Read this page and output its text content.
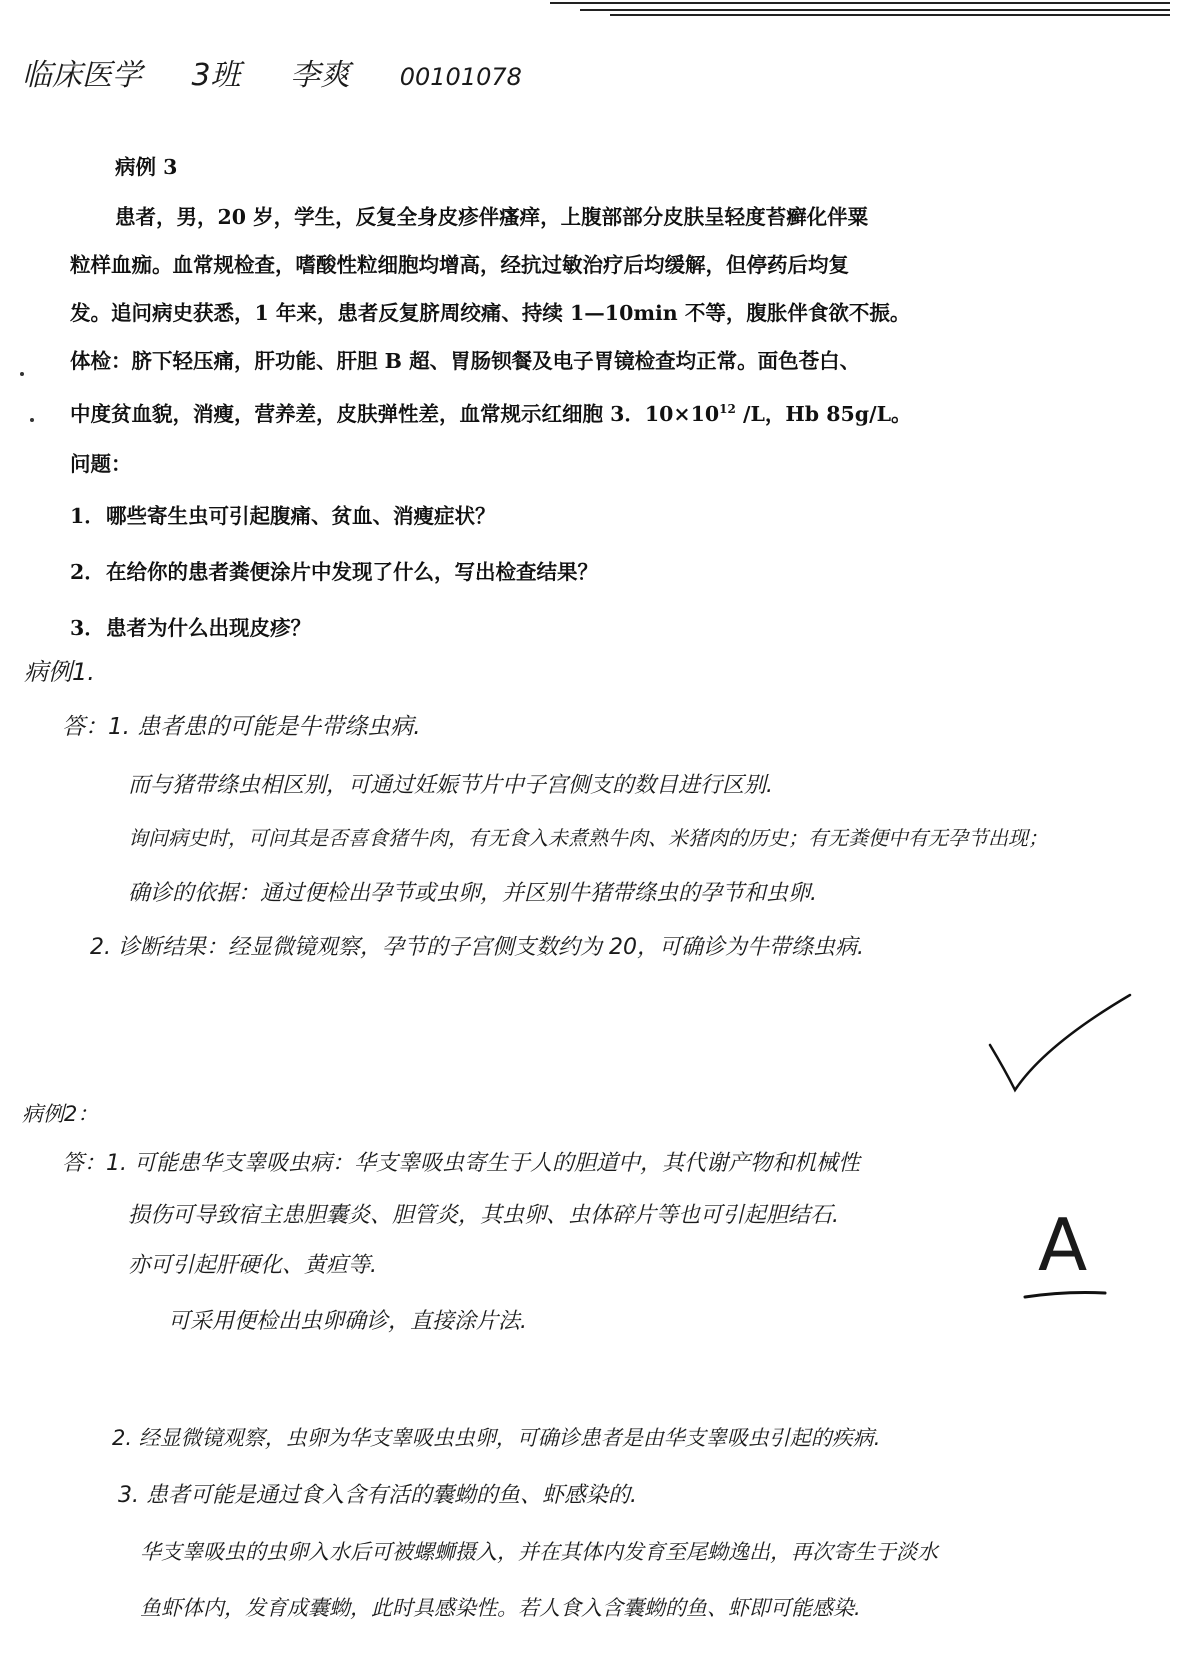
临床医学 3班 李爽 00101078
病例 3

患者，男，20 岁，学生，反复全身皮疹伴瘙痒，上腹部部分皮肤呈轻度苔癣化伴粟

粒样血痂。血常规检查，嗜酸性粒细胞均增高，经抗过敏治疗后均缓解，但停药后均复

发。追问病史获悉，1 年来，患者反复脐周绞痛、持续 1—10min 不等，腹胀伴食欲不振。

体检：脐下轻压痛，肝功能、肝胆 B 超、胃肠钡餐及电子胃镜检查均正常。面色苍白、

中度贫血貌，消瘦，营养差，皮肤弹性差，血常规示红细胞 3．$10\times 10^{12}$ /L，Hb 85g/L。

问题：
1．哪些寄生虫可引起腹痛、贫血、消瘦症状？
2．在给你的患者粪便涂片中发现了什么，写出检查结果？
3．患者为什么出现皮疹？
病例1.
答：1. 患者患的可能是牛带绦虫病.
而与猪带绦虫相区别，可通过妊娠节片中子宫侧支的数目进行区别.
询问病史时，可问其是否喜食猪牛肉，有无食入未煮熟牛肉、米猪肉的历史；有无粪便中有无孕节出现；
确诊的依据：通过便检出孕节或虫卵，并区别牛猪带绦虫的孕节和虫卵.
2. 诊断结果：经显微镜观察，孕节的子宫侧支数约为 20，可确诊为牛带绦虫病.
病例2：
答：1. 可能患华支睾吸虫病：华支睾吸虫寄生于人的胆道中，其代谢产物和机械性
损伤可导致宿主患胆囊炎、胆管炎，其虫卵、虫体碎片等也可引起胆结石.
亦可引起肝硬化、黄疸等.
可采用便检出虫卵确诊，直接涂片法.
2. 经显微镜观察，虫卵为华支睾吸虫虫卵，可确诊患者是由华支睾吸虫引起的疾病.
3. 患者可能是通过食入含有活的囊蚴的鱼、虾感染的.
华支睾吸虫的虫卵入水后可被螺蛳摄入，并在其体内发育至尾蚴逸出，再次寄生于淡水
鱼虾体内，发育成囊蚴，此时具感染性。若人食入含囊蚴的鱼、虾即可能感染.
A
